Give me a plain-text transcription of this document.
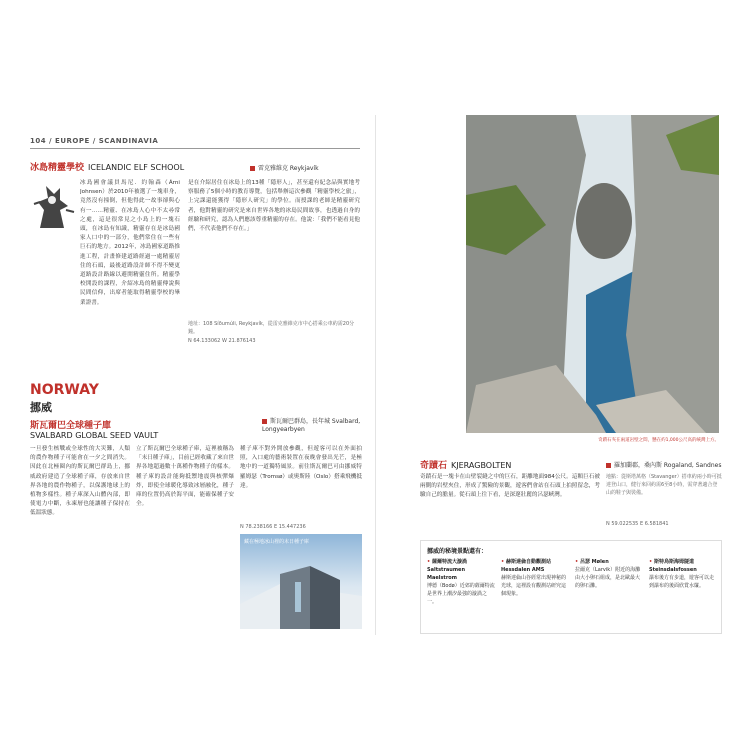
104 / EUROPE / SCANDINAVIA
冰島精靈學校 ICELANDIC ELF SCHOOL	雷克雅維克 Reykjavík
冰島國會議員馬尼．約翰森（Árni Johnsen）於2010年被選了一塊車身，竟然沒有撞倒，但他得此一故事卻與心有一……精靈、在冰島人心中不太尋常之處，這是很常見之小島上的一塊石頭，在冰島有知識，精靈存在是冰島國家人口中的一部分，他們常住在一些有巨石的地方。2012年，冰島國家道路推進工程，計畫修建道路經過一處精靈居住的石頭，最後道路設計師不得不變更道路設計路線以避開精靈住所。精靈學校開設的課程，介紹冰島的精靈傳說與民間信仰，出席者能取得精靈學校的畢業證書。
是在介紹居住在冰島上的13種「隱形人」，甚至還有紀念品與實地考察服務了5個小時的教育導覽，包括舉辦這次參觀「精靈學校之旅」，上完課還能獲得「隱形人研究」的學位。而授課的老師是精靈研究者，他對精靈的研究是來自世界各地的冰島民間故事，也透過自身的經驗和研究，認為人們應該尊重精靈的存在。他說：「我們不能看見他們，不代表他們不存在。」
地址：108 Síðumúli, Reykjavík，從雷克雅維克市中心搭乘公車約需20分鐘。
N 64.133062 W 21.876143
NORWAY
挪威
斯瓦爾巴群島，長年城 Svalbard, Longyearbyen
斯瓦爾巴全球種子庫
SVALBARD GLOBAL SEED VAULT
一旦發生核戰或全球性的大災難，人類的農作物種子可能會在一夕之間消失。因此在北極圈內的斯瓦爾巴群島上，挪威政府建造了全球種子庫，存放來自世界各地的農作物種子，以保護地球上的植物多樣性。種子庫深入山體內部，即使電力中斷，永凍層也能讓種子保持在低溫狀態。
立了斯瓦爾巴全球種子庫，這裡被稱為「末日種子庫」，目前已經收藏了來自世界各地超過數十萬種作物種子的樣本。種子庫的設計能夠抵禦地震與核彈爆炸，即使全球暖化導致冰層融化，種子庫的位置仍高於海平面，能確保種子安全。
種子庫不對外開放參觀，但遊客可以在外面拍照，入口處的藝術裝置在夜晚會發出光芒，是極地中的一道獨特風景。前往斯瓦爾巴可由挪威特羅姆瑟（Tromsø）或奧斯陸（Oslo）搭乘飛機抵達。
N 78.238166 E 15.447236
藏在極地冰山裡的末日種子庫
奇蹟石夾在兩道岩壁之間，懸在約1,000公尺高的峽灣上方。
奇蹟石 KJERAGBOLTEN	羅加蘭郡，桑內斯 Rogaland, Sandnes
奇蹟石是一塊卡在山壁裂縫之中的巨石，距離地面984公尺。這顆巨石被兩側的岩壁夾住，形成了驚險的景觀，遊客們會站在石頭上拍照留念，考驗自己的膽量。從石頭上往下看，是深邃壯麗的呂瑟峽灣。
地點：從斯塔萬格（Stavanger）搭車約兩小時可抵達登山口，健行來回約需6至8小時，需穿著適合登山的鞋子與裝備。
N 59.022535 E 6.581841
挪威的秘境景點還有：
• 薩爾特流大漩渦 Saltstraumen Maelstrom
博德（Bodø）近郊的薩爾特流是世界上潮汐最強的漩渦之一。
• 赫斯達倫自動觀測站 Hessdalen AMS
赫斯達倫山谷經常出現神秘的光球，這裡設有觀測站研究這個現象。
• 呂瑟 Mølen
拉爾克（Larvik）附近的海灘由大小卵石組成，是北歐最大的卵石灘。
• 斯特烏斯海姆隧道 Steinsdalsfossen
瀑布後方有步道，遊客可以走到瀑布的後面欣賞水簾。
